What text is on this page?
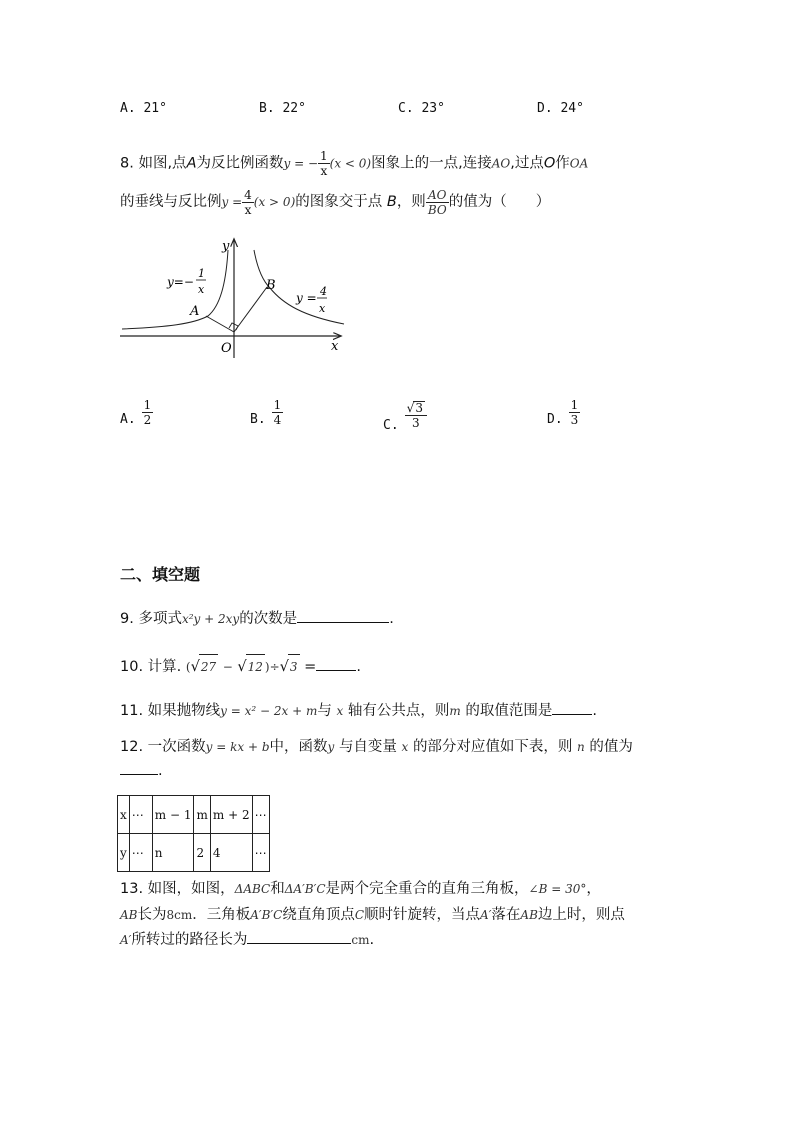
A. 21°	B. 22°	C. 23°	D. 24°
8. 如图,点A为反比例函数y = − $\frac{1}{x} (x < 0)$图象上的一点,连接AO,过点O作OA
的垂线与反比例$y = \frac{4}{x} (x > 0)$的图象交于点 B，则 $\frac{AO}{BO}$ 的值为（　　）
y
x
O
A
B
y=−
1
x
y = 4
x
A. $\frac{1}{2}$	B. $\frac{1}{4}$	C. $\frac{√3}{3}$	D. $\frac{1}{3}$
二、填空题
9. 多项式x²y + 2xy的次数是	.
10. 计算. (√27 − √12 )÷√3 =	.
11. 如果抛物线y = x² − 2x + m与 x 轴有公共点，则m 的取值范围是	.
12. 一次函数y = kx + b中，函数y 与自变量 x 的部分对应值如下表，则 n 的值为
.
x	⋯	m − 1	m	m + 2	⋯
y	⋯	n	2	4	⋯
13. 如图，如图，ΔABC和ΔA′B′C是两个完全重合的直角三角板，∠B = 30°，
AB长为8cm．三角板A′B′C绕直角顶点C顺时针旋转，当点A′落在AB边上时，则点
A′所转过的路径长为	cm.
